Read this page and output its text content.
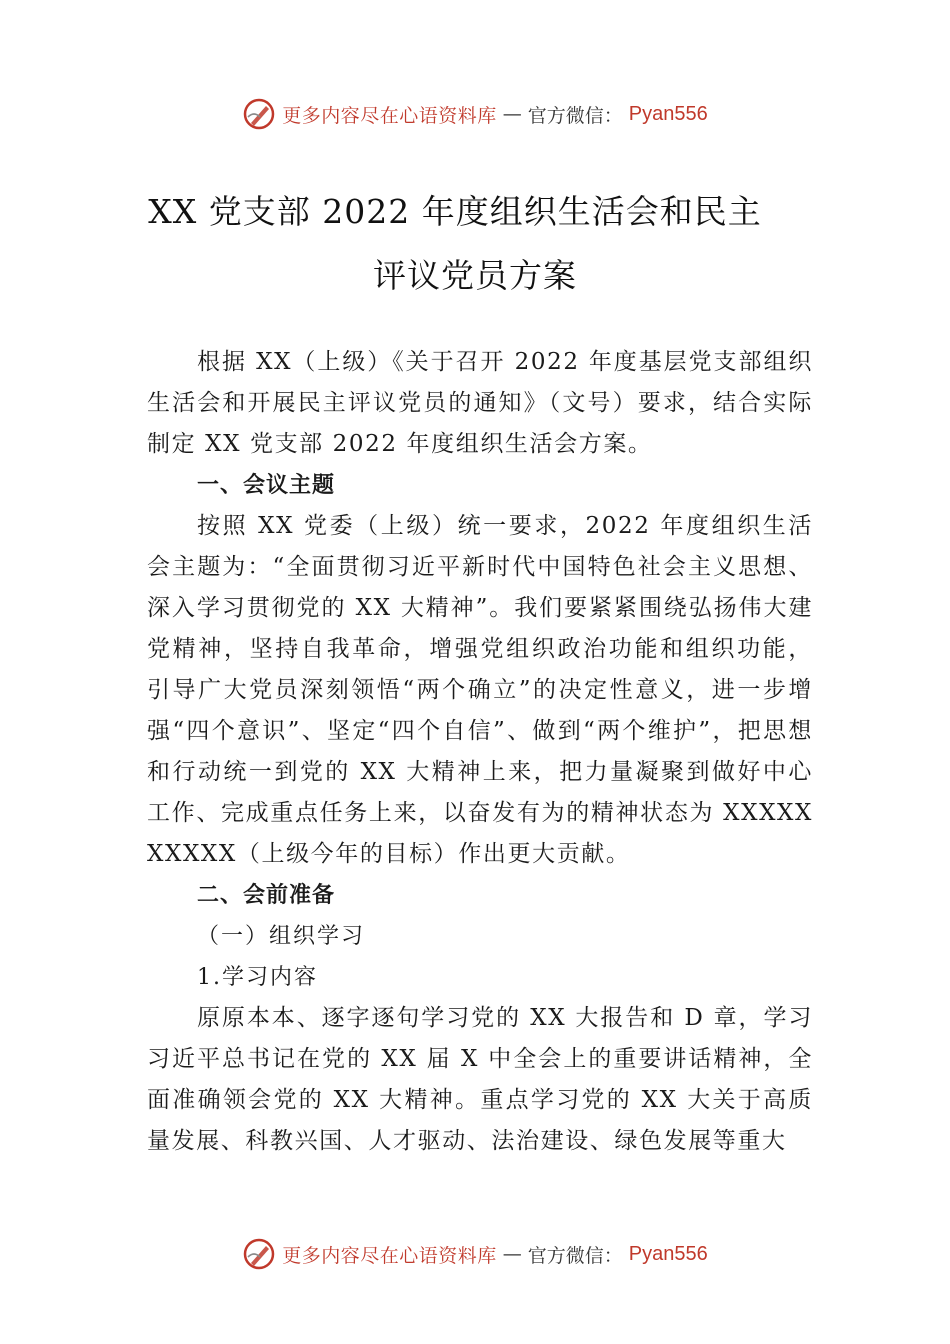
更多内容尽在心语资料库 — 官方微信： Pyan556
XX 党支部 2022 年度组织生活会和民主
评议党员方案

根据 XX（上级）《关于召开 2022 年度基层党支部组织生活会和开展民主评议党员的通知》（文号）要求，结合实际制定 XX 党支部 2022 年度组织生活会方案。

一、会议主题

按照 XX 党委（上级）统一要求，2022 年度组织生活会主题为：“全面贯彻习近平新时代中国特色社会主义思想、深入学习贯彻党的 XX 大精神”。我们要紧紧围绕弘扬伟大建党精神，坚持自我革命，增强党组织政治功能和组织功能， 引导广大党员深刻领悟“两个确立”的决定性意义，进一步增强“四个意识”、坚定“四个自信”、做到“两个维护”，把思想和行动统一到党的 XX 大精神上来，把力量凝聚到做好中心工作、完成重点任务上来，以奋发有为的精神状态为 XXXXXXXXXX（上级今年的目标）作出更大贡献。

二、会前准备

（一）组织学习

1.学习内容

原原本本、逐字逐句学习党的 XX 大报告和 D 章，学习习近平总书记在党的 XX 届 X 中全会上的重要讲话精神，全面准确领会党的 XX 大精神。重点学习党的 XX 大关于高质量发展、科教兴国、人才驱动、法治建设、绿色发展等重大

更多内容尽在心语资料库 — 官方微信： Pyan556
